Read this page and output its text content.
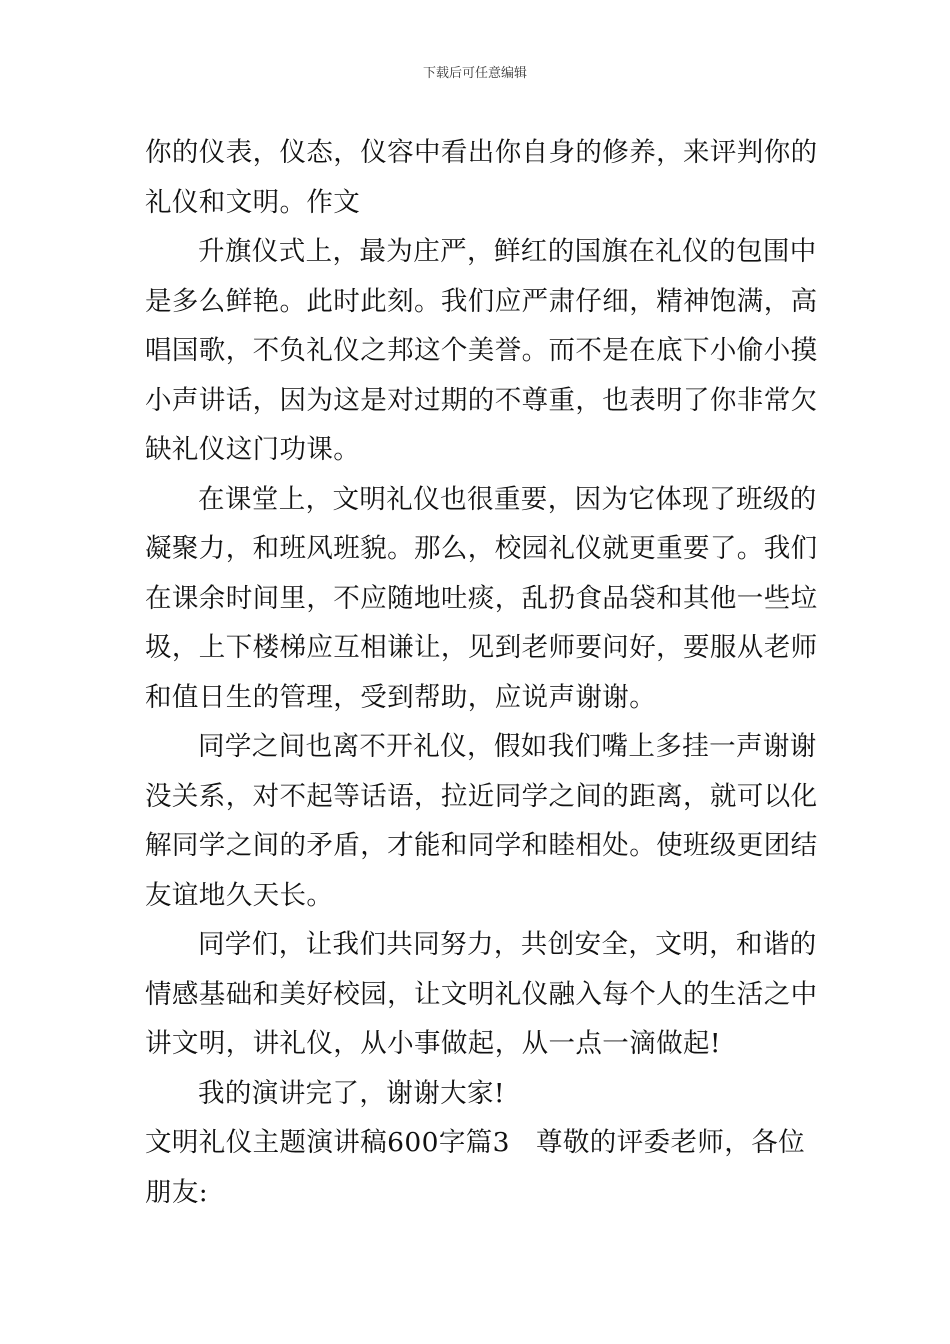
下载后可任意编辑
你的仪表，仪态，仪容中看出你自身的修养，来评判你的
礼仪和文明。作文
升旗仪式上，最为庄严，鲜红的国旗在礼仪的包围中
是多么鲜艳。此时此刻。我们应严肃仔细，精神饱满，高
唱国歌，不负礼仪之邦这个美誉。而不是在底下小偷小摸
小声讲话，因为这是对过期的不尊重，也表明了你非常欠
缺礼仪这门功课。
在课堂上，文明礼仪也很重要，因为它体现了班级的
凝聚力，和班风班貌。那么，校园礼仪就更重要了。我们
在课余时间里，不应随地吐痰，乱扔食品袋和其他一些垃
圾，上下楼梯应互相谦让，见到老师要问好，要服从老师
和值日生的管理，受到帮助，应说声谢谢。
同学之间也离不开礼仪，假如我们嘴上多挂一声谢谢
没关系，对不起等话语，拉近同学之间的距离，就可以化
解同学之间的矛盾，才能和同学和睦相处。使班级更团结
友谊地久天长。
同学们，让我们共同努力，共创安全，文明，和谐的
情感基础和美好校园，让文明礼仪融入每个人的生活之中
讲文明，讲礼仪，从小事做起，从一点一滴做起!
我的演讲完了，谢谢大家!
文明礼仪主题演讲稿600字篇3 尊敬的评委老师，各位
朋友:
